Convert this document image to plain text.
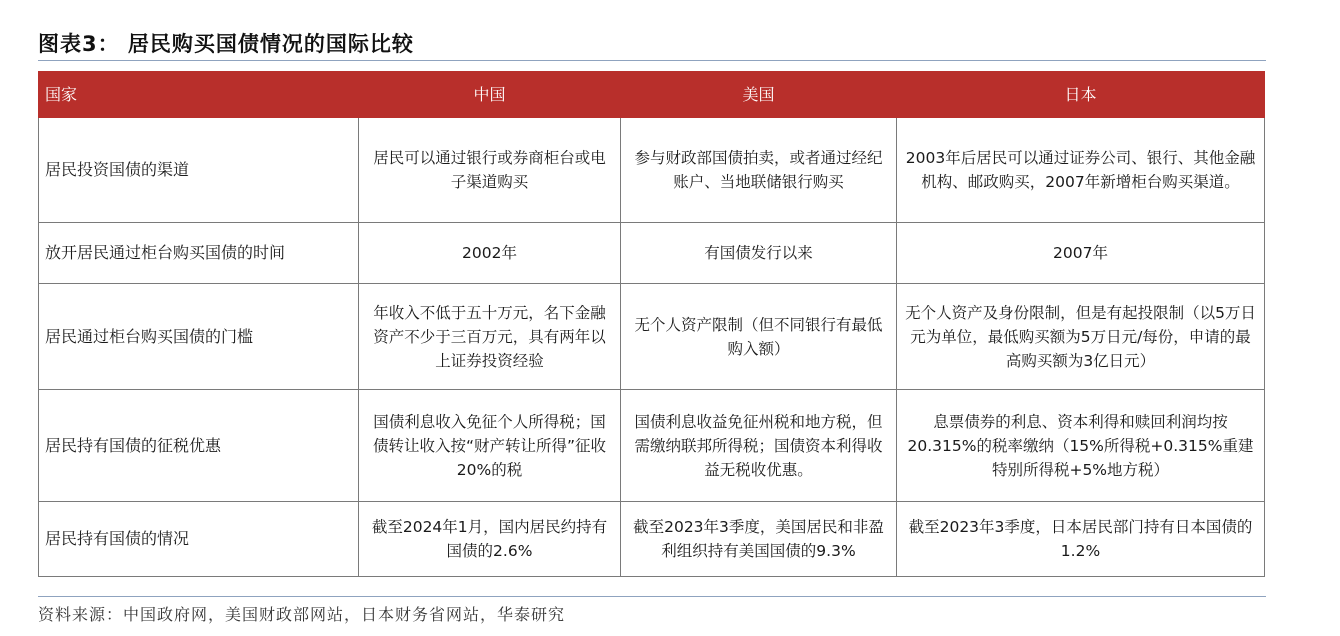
图表3： 居民购买国债情况的国际比较
国家	中国	美国	日本
居民投资国债的渠道	居民可以通过银行或券商柜台或电子渠道购买	参与财政部国债拍卖，或者通过经纪账户、当地联储银行购买	2003年后居民可以通过证券公司、银行、其他金融机构、邮政购买，2007年新增柜台购买渠道。
放开居民通过柜台购买国债的时间	2002年	有国债发行以来	2007年
居民通过柜台购买国债的门槛	年收入不低于五十万元，名下金融资产不少于三百万元，具有两年以上证券投资经验	无个人资产限制（但不同银行有最低购入额）	无个人资产及身份限制，但是有起投限制（以5万日元为单位，最低购买额为5万日元/每份，申请的最高购买额为3亿日元）
居民持有国债的征税优惠	国债利息收入免征个人所得税；国债转让收入按“财产转让所得”征收20%的税	国债利息收益免征州税和地方税，但需缴纳联邦所得税；国债资本利得收益无税收优惠。	息票债券的利息、资本利得和赎回利润均按20.315%的税率缴纳（15%所得税+0.315%重建特别所得税+5%地方税）
居民持有国债的情况	截至2024年1月，国内居民约持有国债的2.6%	截至2023年3季度，美国居民和非盈利组织持有美国国债的9.3%	截至2023年3季度，日本居民部门持有日本国债的1.2%
资料来源：中国政府网，美国财政部网站，日本财务省网站，华泰研究
